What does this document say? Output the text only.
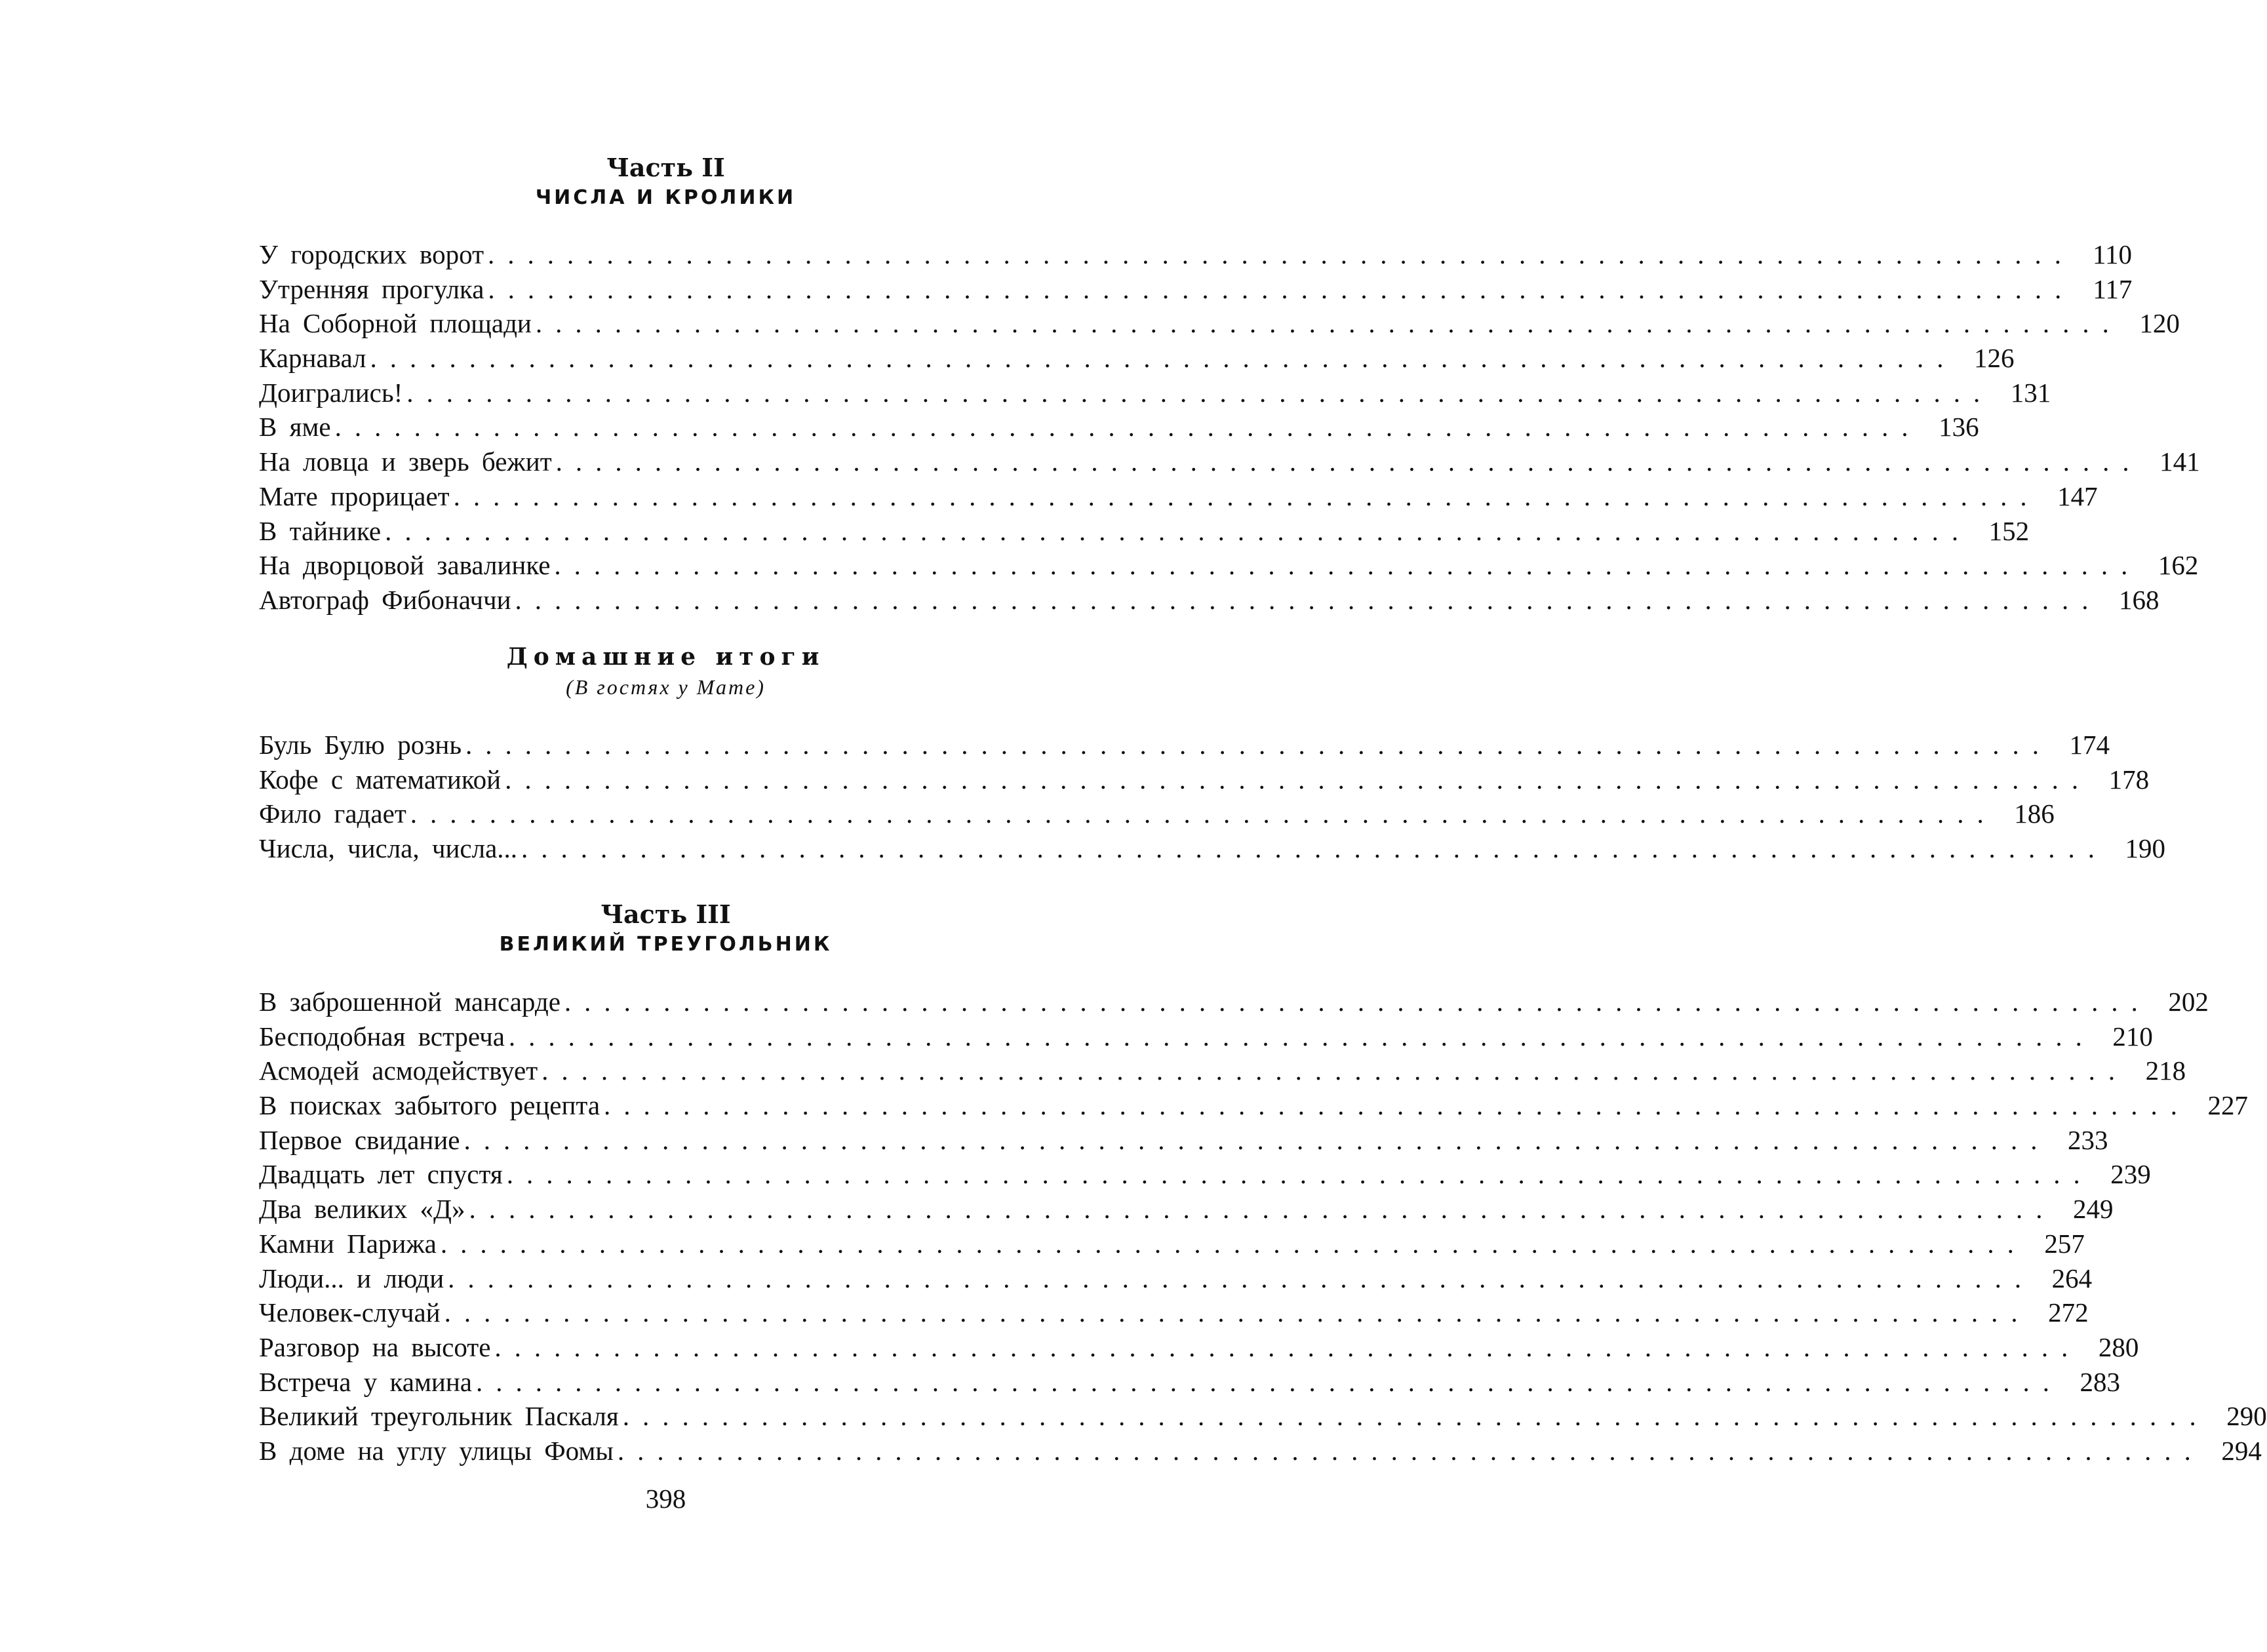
Часть II
ЧИСЛА И КРОЛИКИ
У городских ворот ................................................................................ 110
Утренняя прогулка ................................................................................ 117
На Соборной площади ................................................................................ 120
Карнавал ................................................................................ 126
Доигрались! ................................................................................ 131
В яме ................................................................................ 136
На ловца и зверь бежит ................................................................................ 141
Мате прорицает ................................................................................ 147
В тайнике ................................................................................ 152
На дворцовой завалинке ................................................................................ 162
Автограф Фибоначчи ................................................................................ 168
Домашние итоги
(В гостях у Мате)
Буль Булю рознь ................................................................................ 174
Кофе с математикой ................................................................................ 178
Фило гадает ................................................................................ 186
Числа, числа, числа... ................................................................................ 190
Часть III
ВЕЛИКИЙ ТРЕУГОЛЬНИК
В заброшенной мансарде ................................................................................ 202
Бесподобная встреча ................................................................................ 210
Асмодей асмодействует ................................................................................ 218
В поисках забытого рецепта ................................................................................ 227
Первое свидание ................................................................................ 233
Двадцать лет спустя ................................................................................ 239
Два великих «Д» ................................................................................ 249
Камни Парижа ................................................................................ 257
Люди... и люди ................................................................................ 264
Человек-случай ................................................................................ 272
Разговор на высоте ................................................................................ 280
Встреча у камина ................................................................................ 283
Великий треугольник Паскаля ................................................................................ 290
В доме на углу улицы Фомы ................................................................................ 294
398
